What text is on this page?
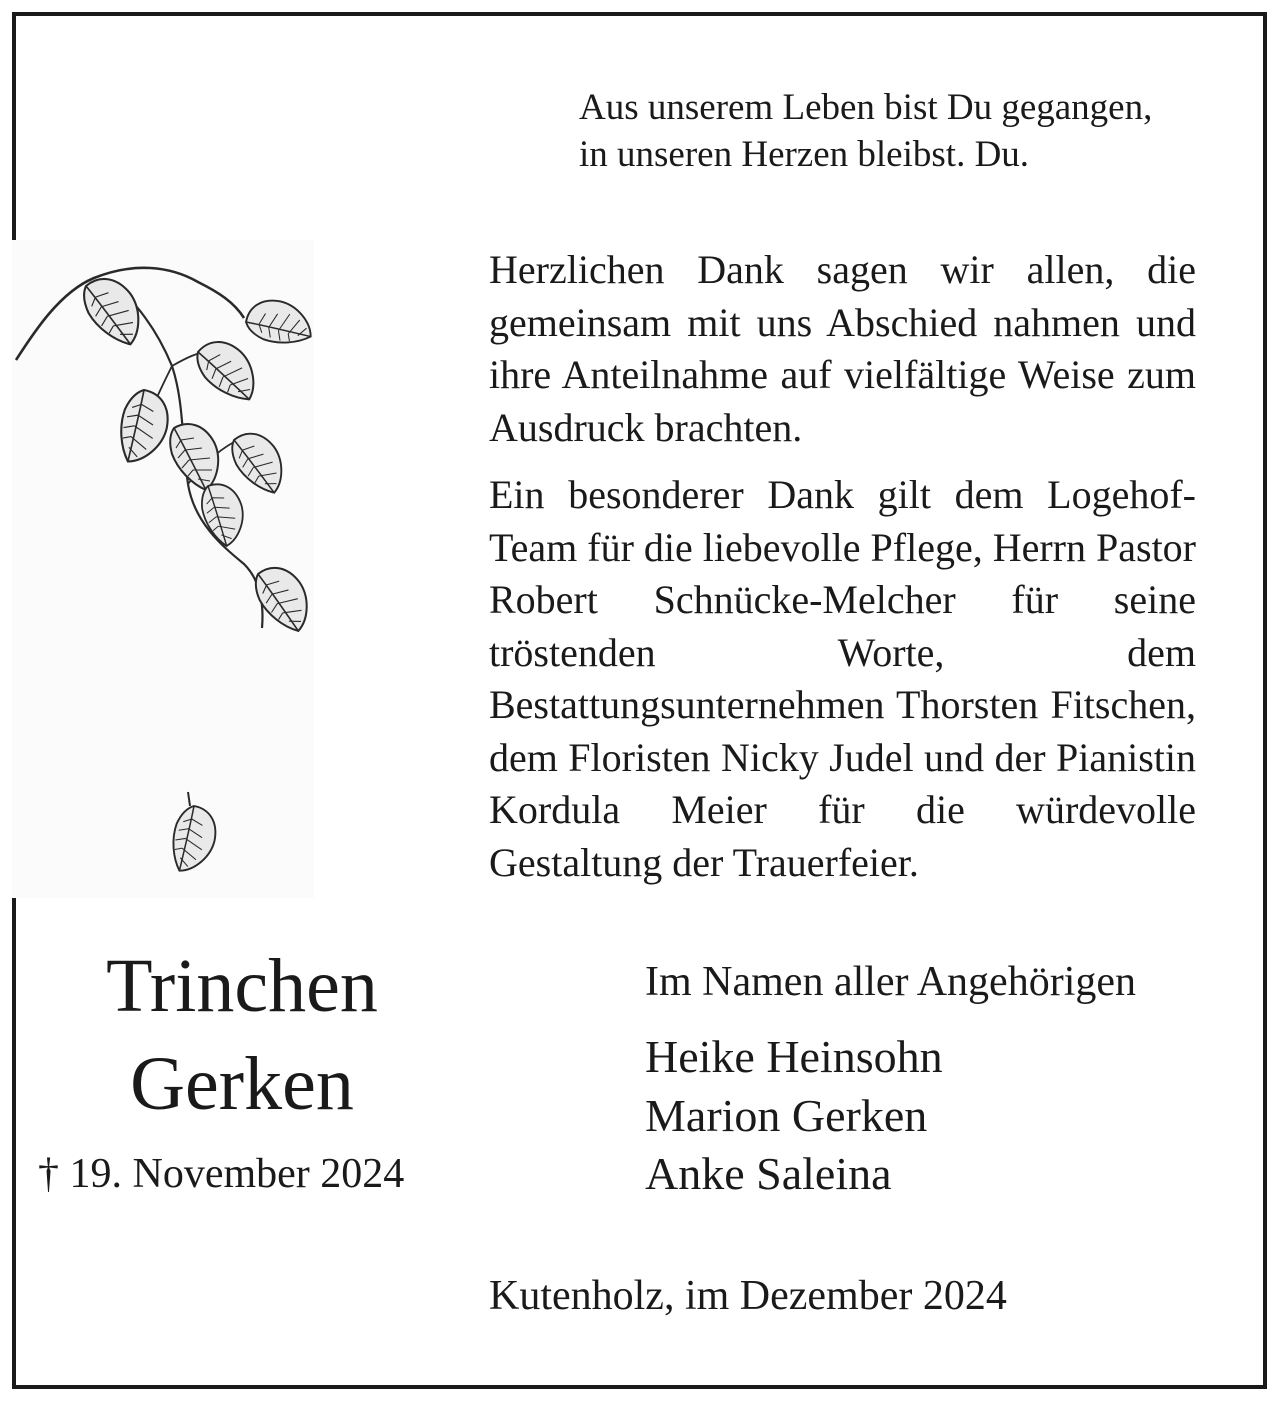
Aus unserem Leben bist Du gegangen,
in unseren Herzen bleibst. Du.

Herzlichen Dank sagen wir allen, die gemeinsam mit uns Abschied nahmen und ihre Anteilnahme auf vielfältige Weise zum Ausdruck brachten.

Ein besonderer Dank gilt dem Logehof-Team für die liebevolle Pflege, Herrn Pastor Robert Schnücke-Melcher für seine tröstenden Worte, dem Bestattungsunternehmen Thorsten Fitschen, dem Floristen Nicky Judel und der Pianistin Kordula Meier für die würdevolle Gestaltung der Trauerfeier.

Trinchen
Gerken
† 19. November 2024
Im Namen aller Angehörigen
Heike Heinsohn
Marion Gerken
Anke Saleina
Kutenholz, im Dezember 2024
